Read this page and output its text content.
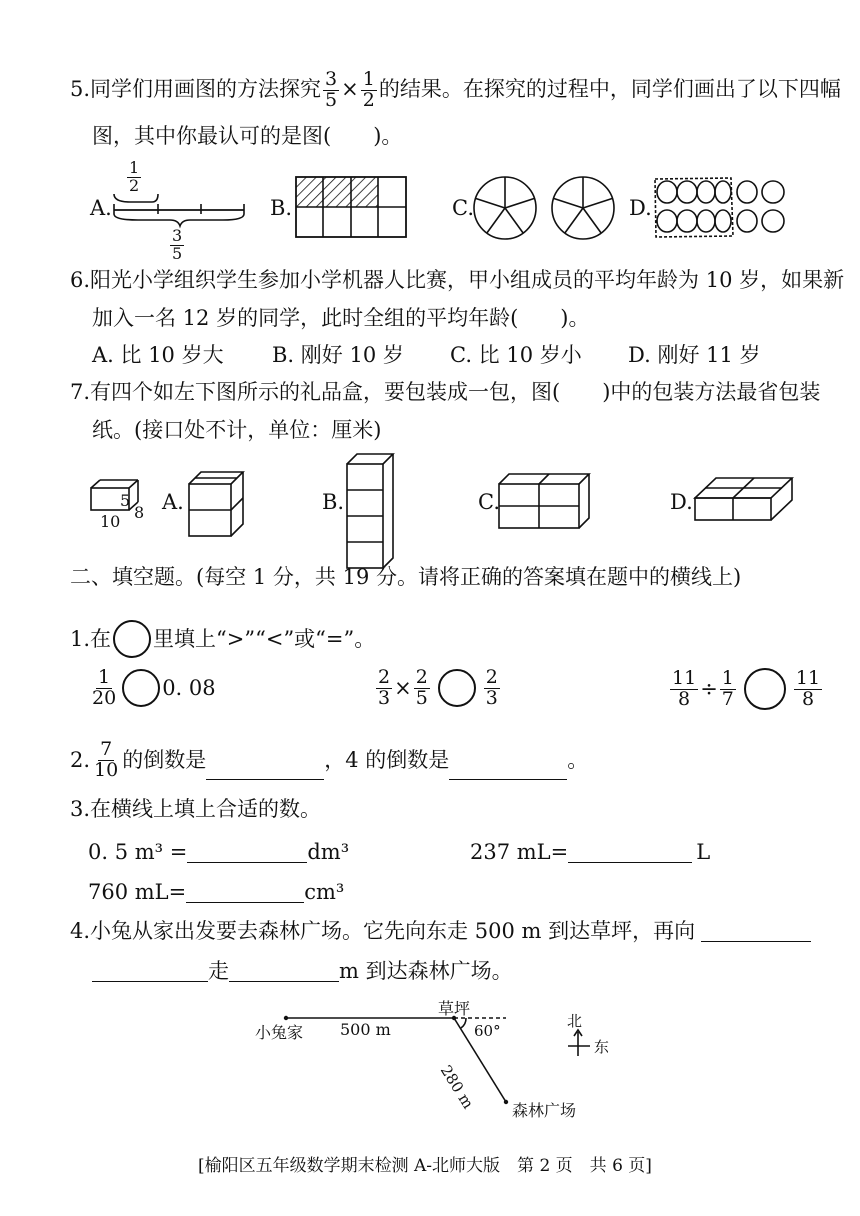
5.同学们用画图的方法探究 $\frac{3}{5} \times \frac{1}{2}$ 的结果。在探究的过程中，同学们画出了以下四幅
图，其中你最认可的是图(　　)。
A.
$\frac{1}{2}$
$\frac{3}{5}$
B.	C.	D.
6.阳光小学组织学生参加小学机器人比赛，甲小组成员的平均年龄为 10 岁，如果新
加入一名 12 岁的同学，此时全组的平均年龄(　　)。
A. 比 10 岁大 B. 刚好 10 岁 C. 比 10 岁小 D. 刚好 11 岁
7.有四个如左下图所示的礼品盒，要包装成一包，图(　　)中的包装方法最省包装
纸。(接口处不计，单位：厘米)
5
8
10
A.	B.	C.	D.
二、填空题。(每空 1 分，共 19 分。请将正确的答案填在题中的横线上)
1. 在 里填上“>”“<”或“=”。
$\frac{1}{20} 0$. 08	$\frac{2}{3} \times \frac{2}{5}$	$\frac{2}{3}$	$\frac{11}{8} \div \frac{1}{7}$	$\frac{11}{8}$
2. $\frac{7}{10}$ 的倒数是	，4 的倒数是	。
3.在横线上填上合适的数。
0. 5 m³ =	dm³	237 mL=	L
760 mL=	cm³
4. 小兔从家出发要去森林广场。它先向东走 500 m 到达草坪，再向
走	m 到达森林广场。
小兔家 500 m
草坪
60°
280 m 森林广场
北
东
[榆阳区五年级数学期末检测 A-北师大版　第 2 页　共 6 页]
